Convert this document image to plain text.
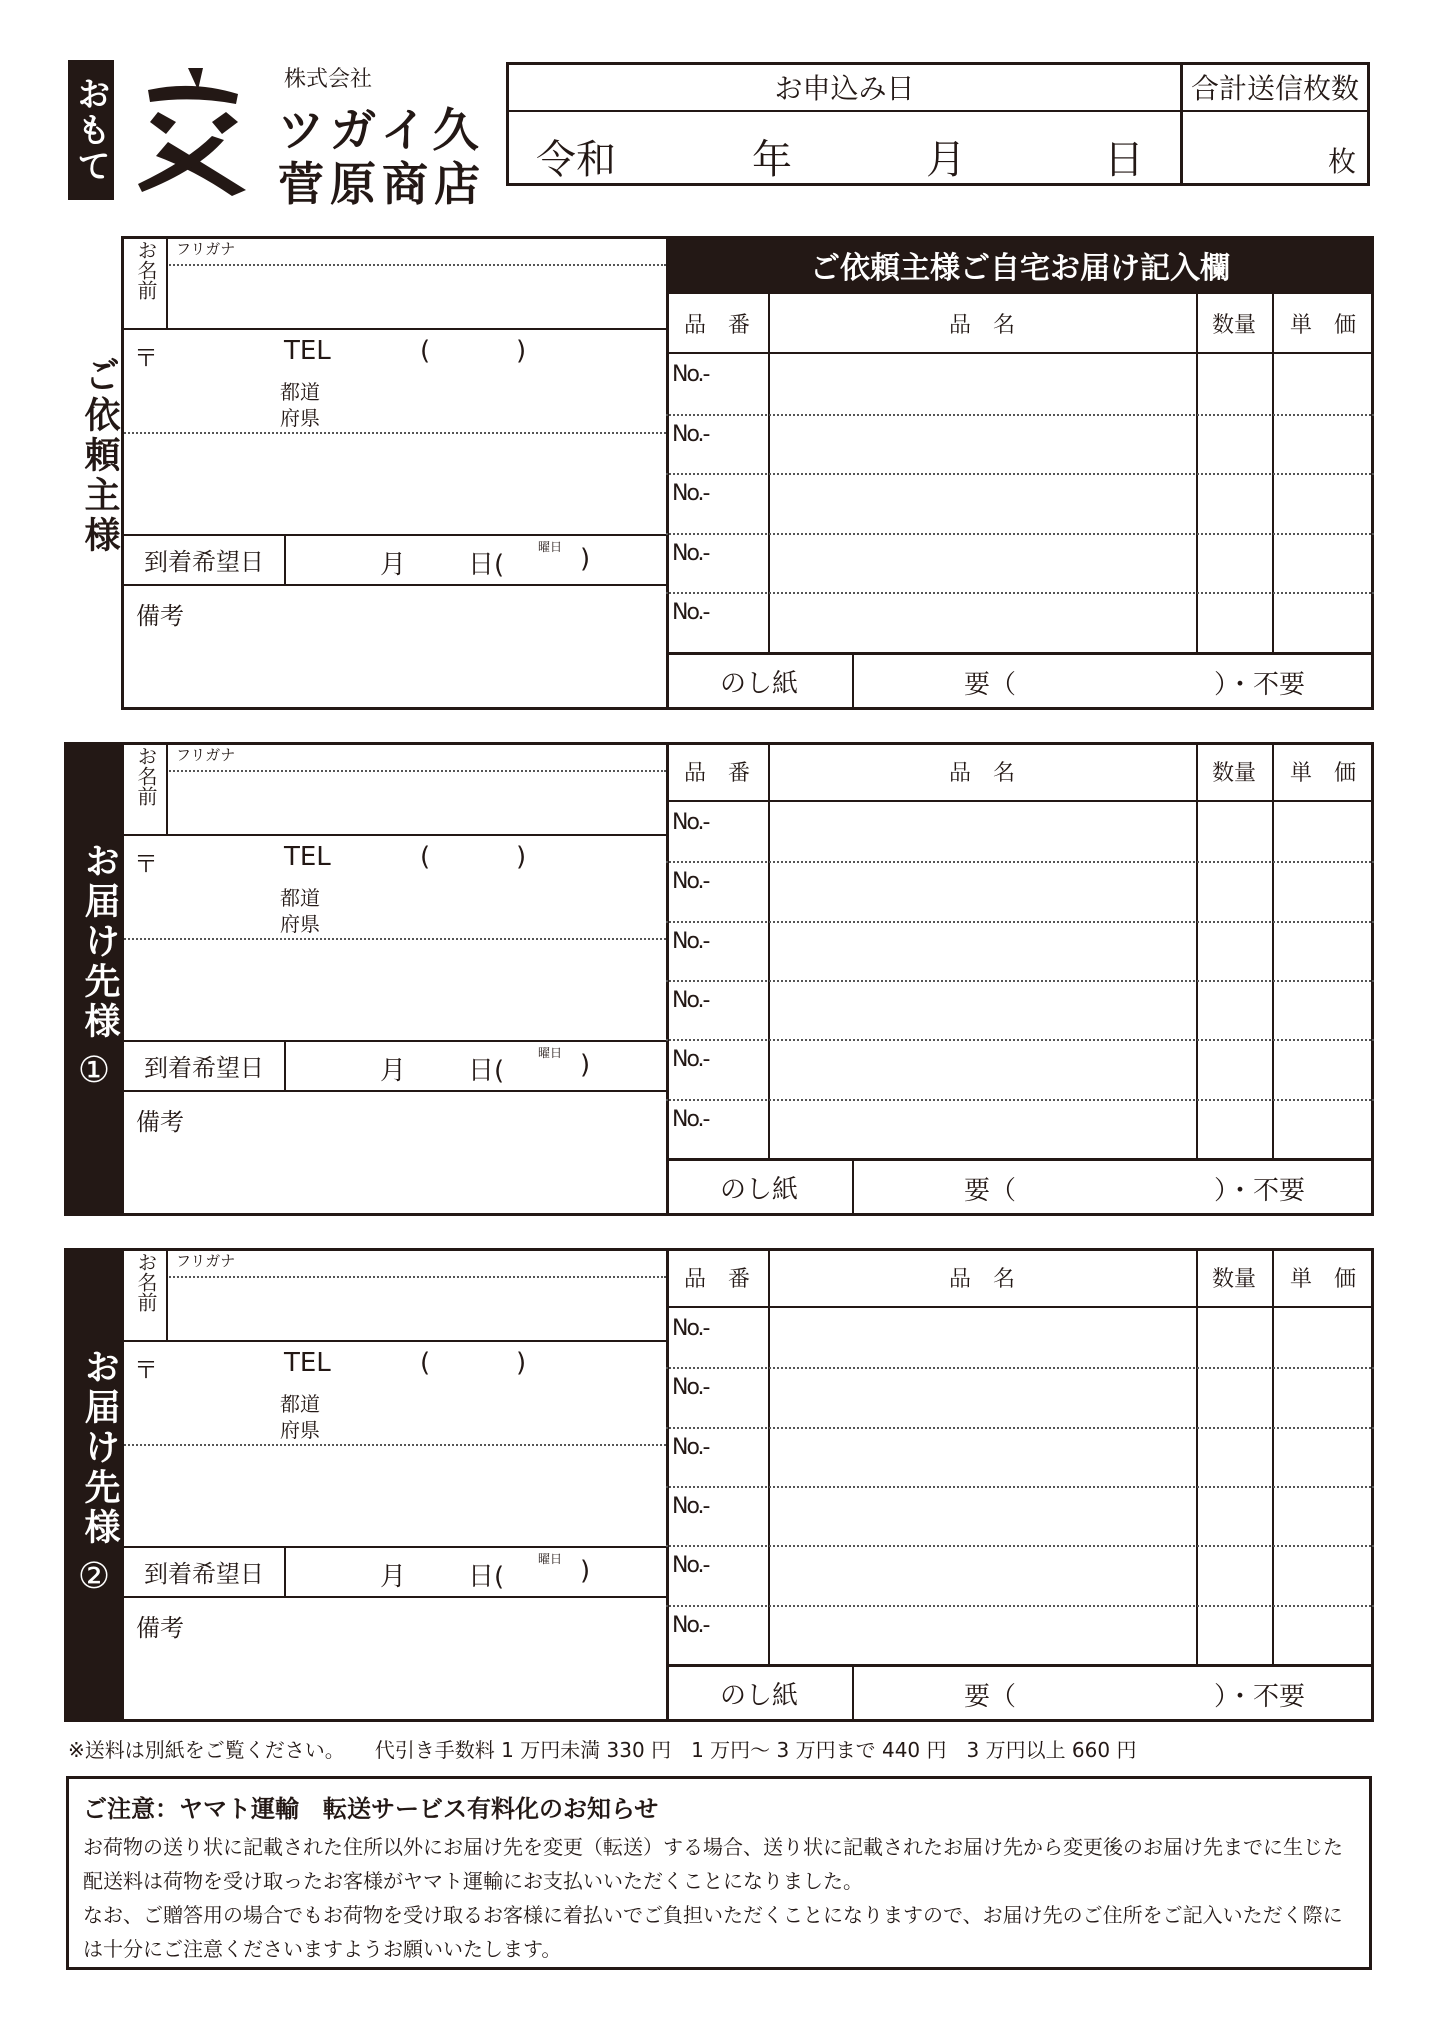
おもて	株式会社
ツガイ久
菅原商店
お申込み日	合計送信枚数
令和	年	月	日	枚
ご依頼主様
お名前 フリガナ
〒	TEL	(	)
都道
府県
到着希望日	月 日(
曜日 )
備考
ご依頼主様ご自宅お届け記入欄
品　番	品　名	数量	単　価
No.-
No.-
No.-
No.-
No.-
のし紙	要（	）・不要
お届け先様
①
お名前 フリガナ
〒	TEL	(	)
都道
府県
到着希望日	月 日(
曜日 )
備考
品　番	品　名	数量	単　価
No.-
No.-
No.-
No.-
No.-
No.-
のし紙	要（	）・不要
お届け先様
②
お名前 フリガナ
〒	TEL	(	)
都道
府県
到着希望日	月 日(
曜日 )
備考
品　番	品　名	数量	単　価
No.-
No.-
No.-
No.-
No.-
No.-
のし紙	要（	）・不要
※送料は別紙をご覧ください。　　代引き手数料 1 万円未満 330 円　1 万円〜 3 万円まで 440 円　3 万円以上 660 円
ご注意：ヤマト運輸　転送サービス有料化のお知らせ
お荷物の送り状に記載された住所以外にお届け先を変更（転送）する場合、送り状に記載されたお届け先から変更後のお届け先までに生じた配送料は荷物を受け取ったお客様がヤマト運輸にお支払いいただくことになりました。
なお、ご贈答用の場合でもお荷物を受け取るお客様に着払いでご負担いただくことになりますので、お届け先のご住所をご記入いただく際には十分にご注意くださいますようお願いいたします。
